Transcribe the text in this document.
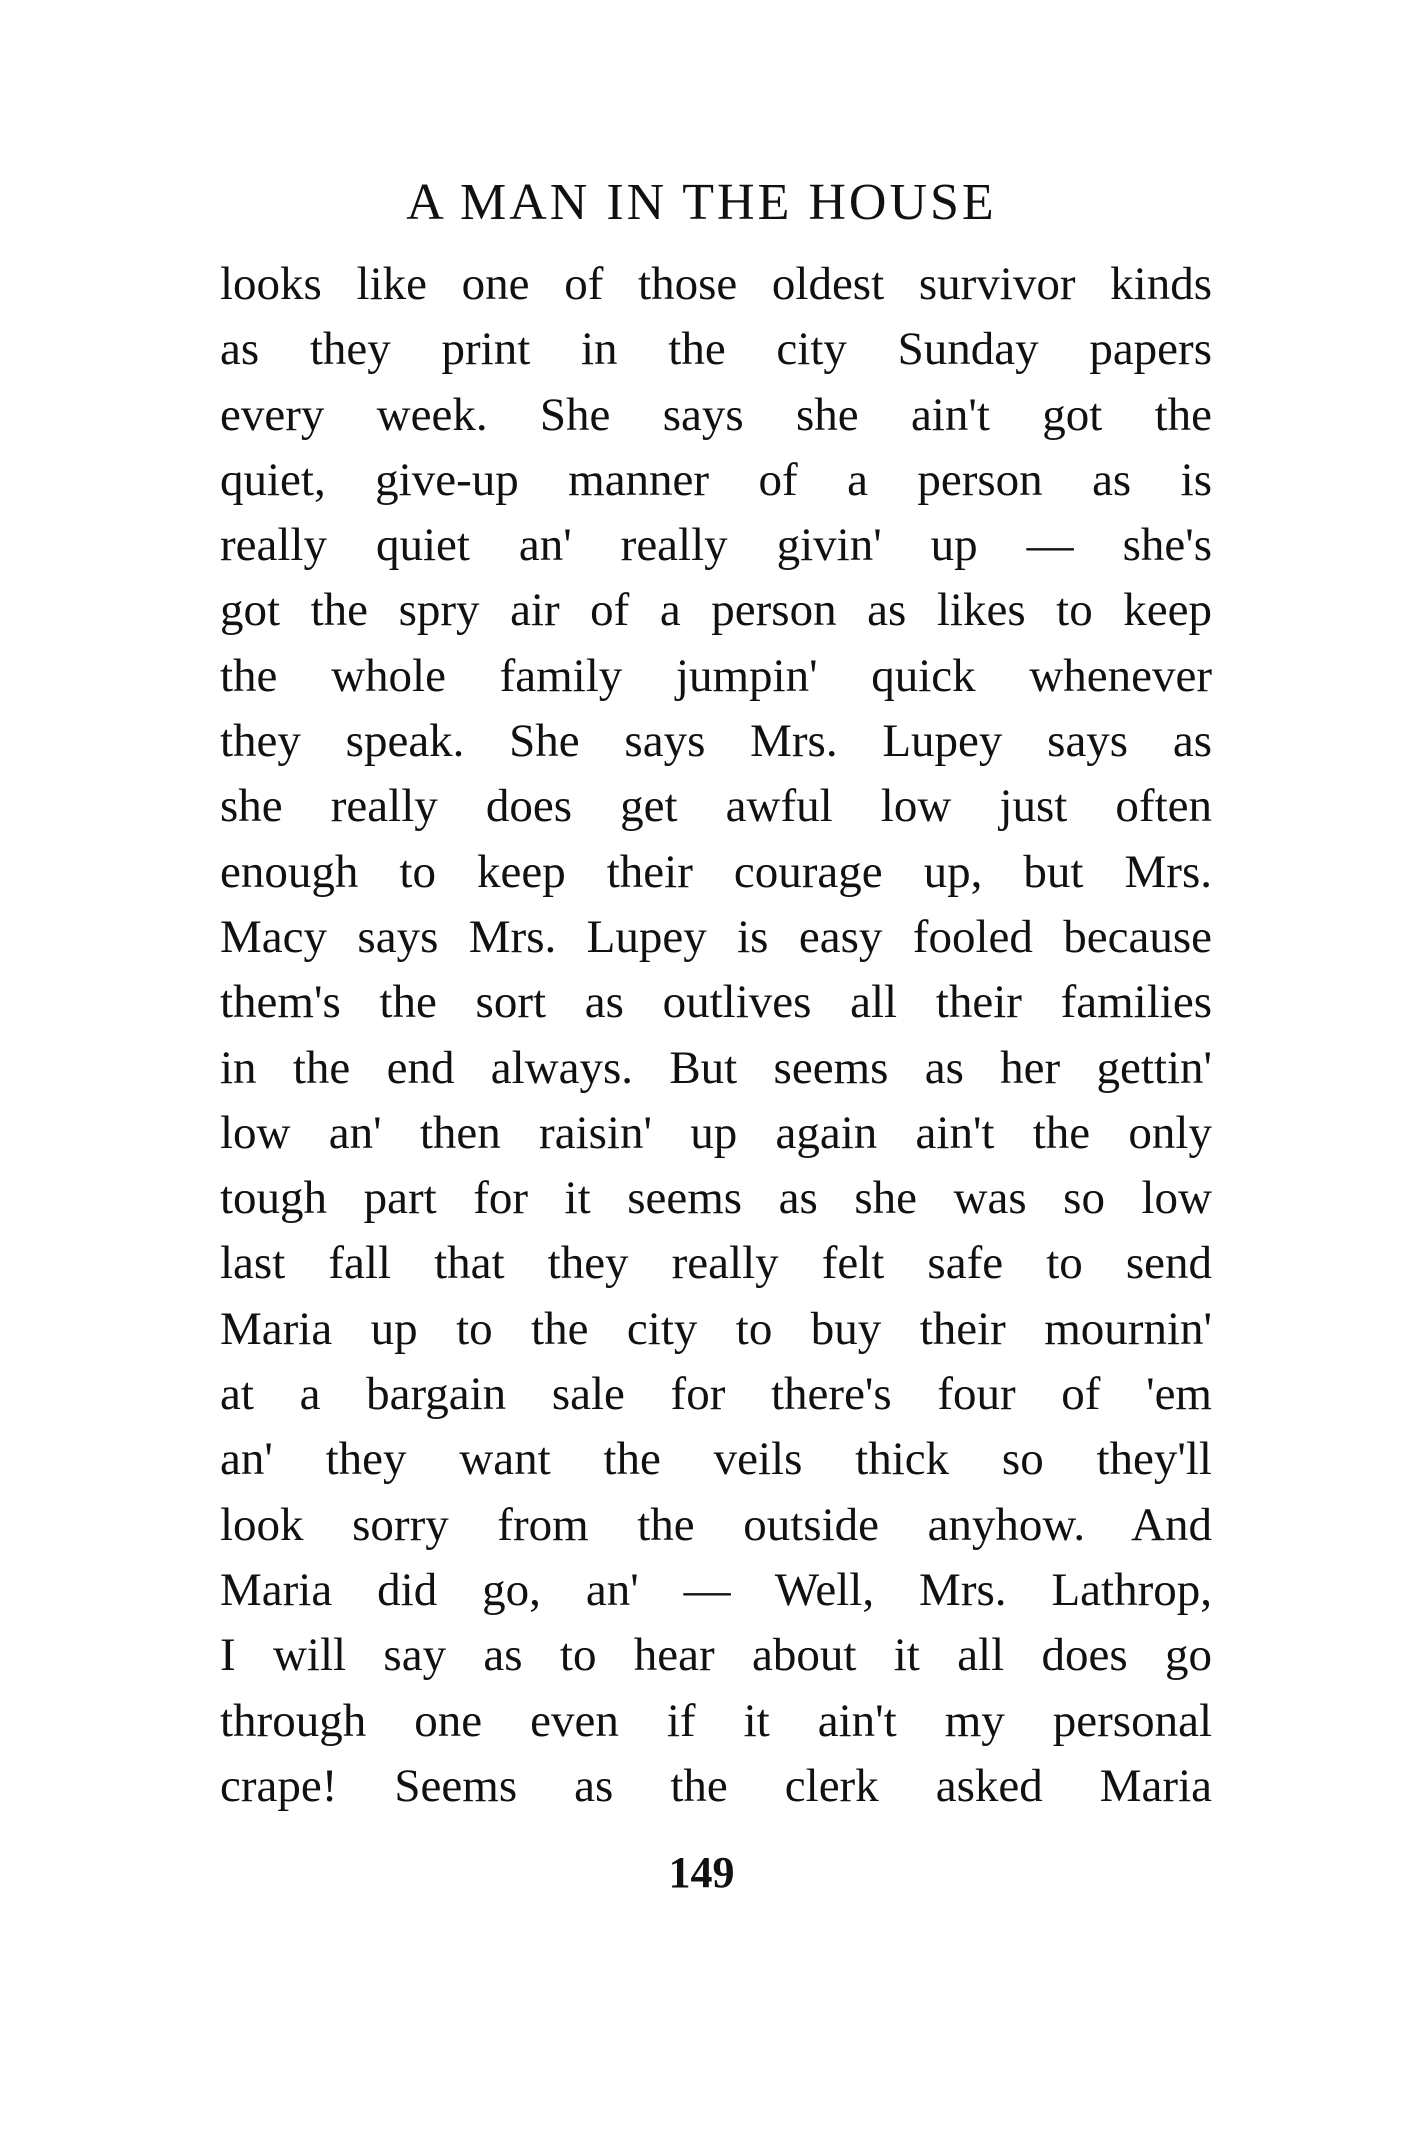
A MAN IN THE HOUSE
looks like one of those oldest survivor kinds
as they print in the city Sunday papers
every week. She says she ain't got the
quiet, give-up manner of a person as is
really quiet an' really givin' up — she's
got the spry air of a person as likes to keep
the whole family jumpin' quick whenever
they speak. She says Mrs. Lupey says as
she really does get awful low just often
enough to keep their courage up, but Mrs.
Macy says Mrs. Lupey is easy fooled because
them's the sort as outlives all their families
in the end always. But seems as her gettin'
low an' then raisin' up again ain't the only
tough part for it seems as she was so low
last fall that they really felt safe to send
Maria up to the city to buy their mournin'
at a bargain sale for there's four of 'em
an' they want the veils thick so they'll
look sorry from the outside anyhow. And
Maria did go, an' — Well, Mrs. Lathrop,
I will say as to hear about it all does go
through one even if it ain't my personal
crape! Seems as the clerk asked Maria
149
